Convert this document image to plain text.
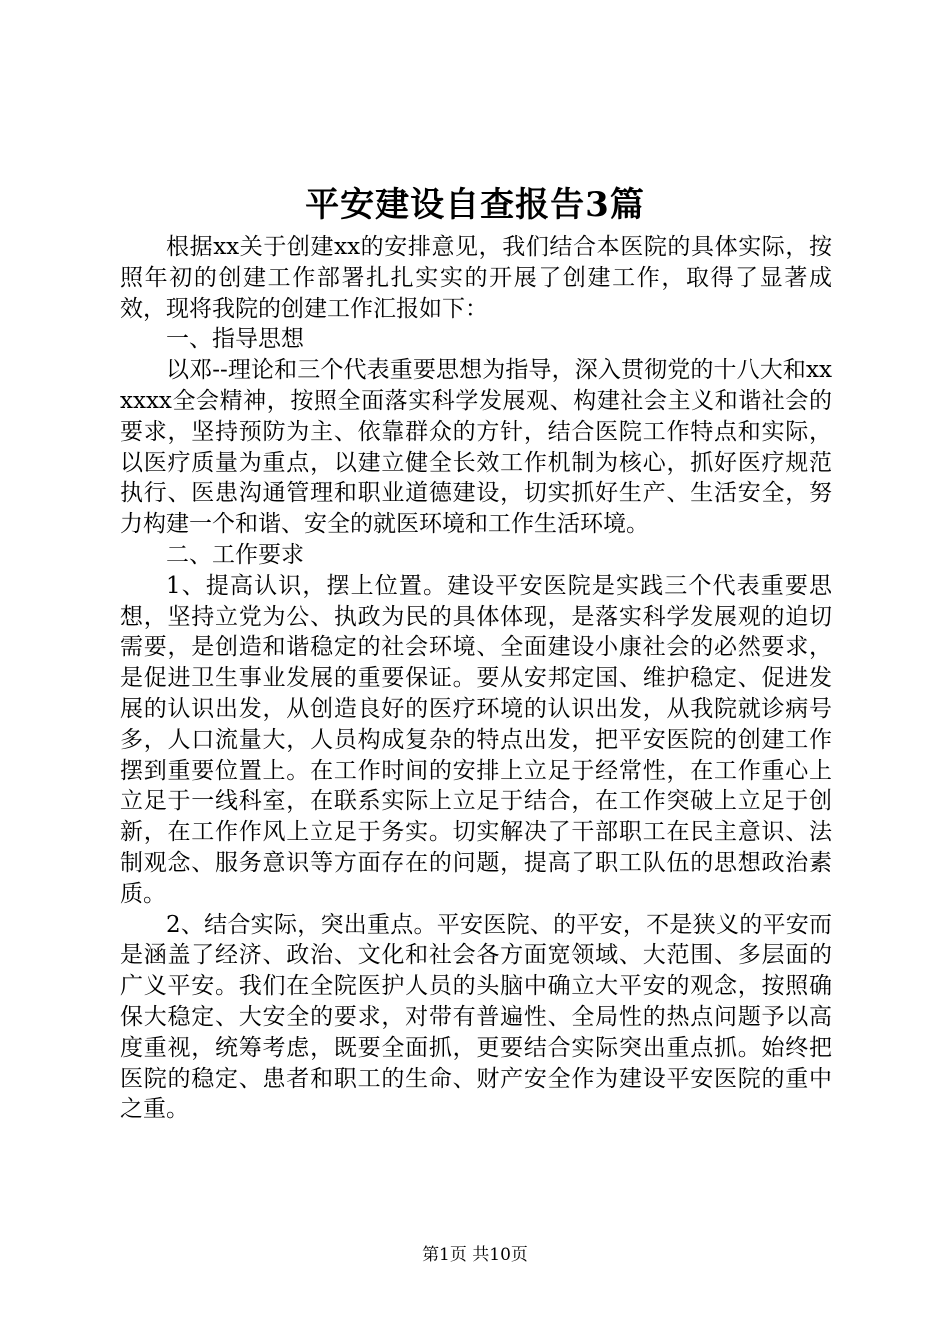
平安建设自查报告3篇

根据xx关于创建xx的安排意见，我们结合本医院的具体实际，按照年初的创建工作部署扎扎实实的开展了创建工作，取得了显著成效，现将我院的创建工作汇报如下：

一、指导思想

以邓--理论和三个代表重要思想为指导，深入贯彻党的十八大和xxxxxx全会精神，按照全面落实科学发展观、构建社会主义和谐社会的要求，坚持预防为主、依靠群众的方针，结合医院工作特点和实际，以医疗质量为重点，以建立健全长效工作机制为核心，抓好医疗规范执行、医患沟通管理和职业道德建设，切实抓好生产、生活安全，努力构建一个和谐、安全的就医环境和工作生活环境。

二、工作要求

1、提高认识，摆上位置。建设平安医院是实践三个代表重要思想，坚持立党为公、执政为民的具体体现，是落实科学发展观的迫切需要，是创造和谐稳定的社会环境、全面建设小康社会的必然要求，是促进卫生事业发展的重要保证。要从安邦定国、维护稳定、促进发展的认识出发，从创造良好的医疗环境的认识出发，从我院就诊病号多，人口流量大，人员构成复杂的特点出发，把平安医院的创建工作摆到重要位置上。在工作时间的安排上立足于经常性，在工作重心上立足于一线科室，在联系实际上立足于结合，在工作突破上立足于创新，在工作作风上立足于务实。切实解决了干部职工在民主意识、法制观念、服务意识等方面存在的问题，提高了职工队伍的思想政治素质。

2、结合实际，突出重点。平安医院、的平安，不是狭义的平安而是涵盖了经济、政治、文化和社会各方面宽领域、大范围、多层面的广义平安。我们在全院医护人员的头脑中确立大平安的观念，按照确保大稳定、大安全的要求，对带有普遍性、全局性的热点问题予以高度重视，统筹考虑，既要全面抓，更要结合实际突出重点抓。始终把医院的稳定、患者和职工的生命、财产安全作为建设平安医院的重中之重。

第1页 共10页
